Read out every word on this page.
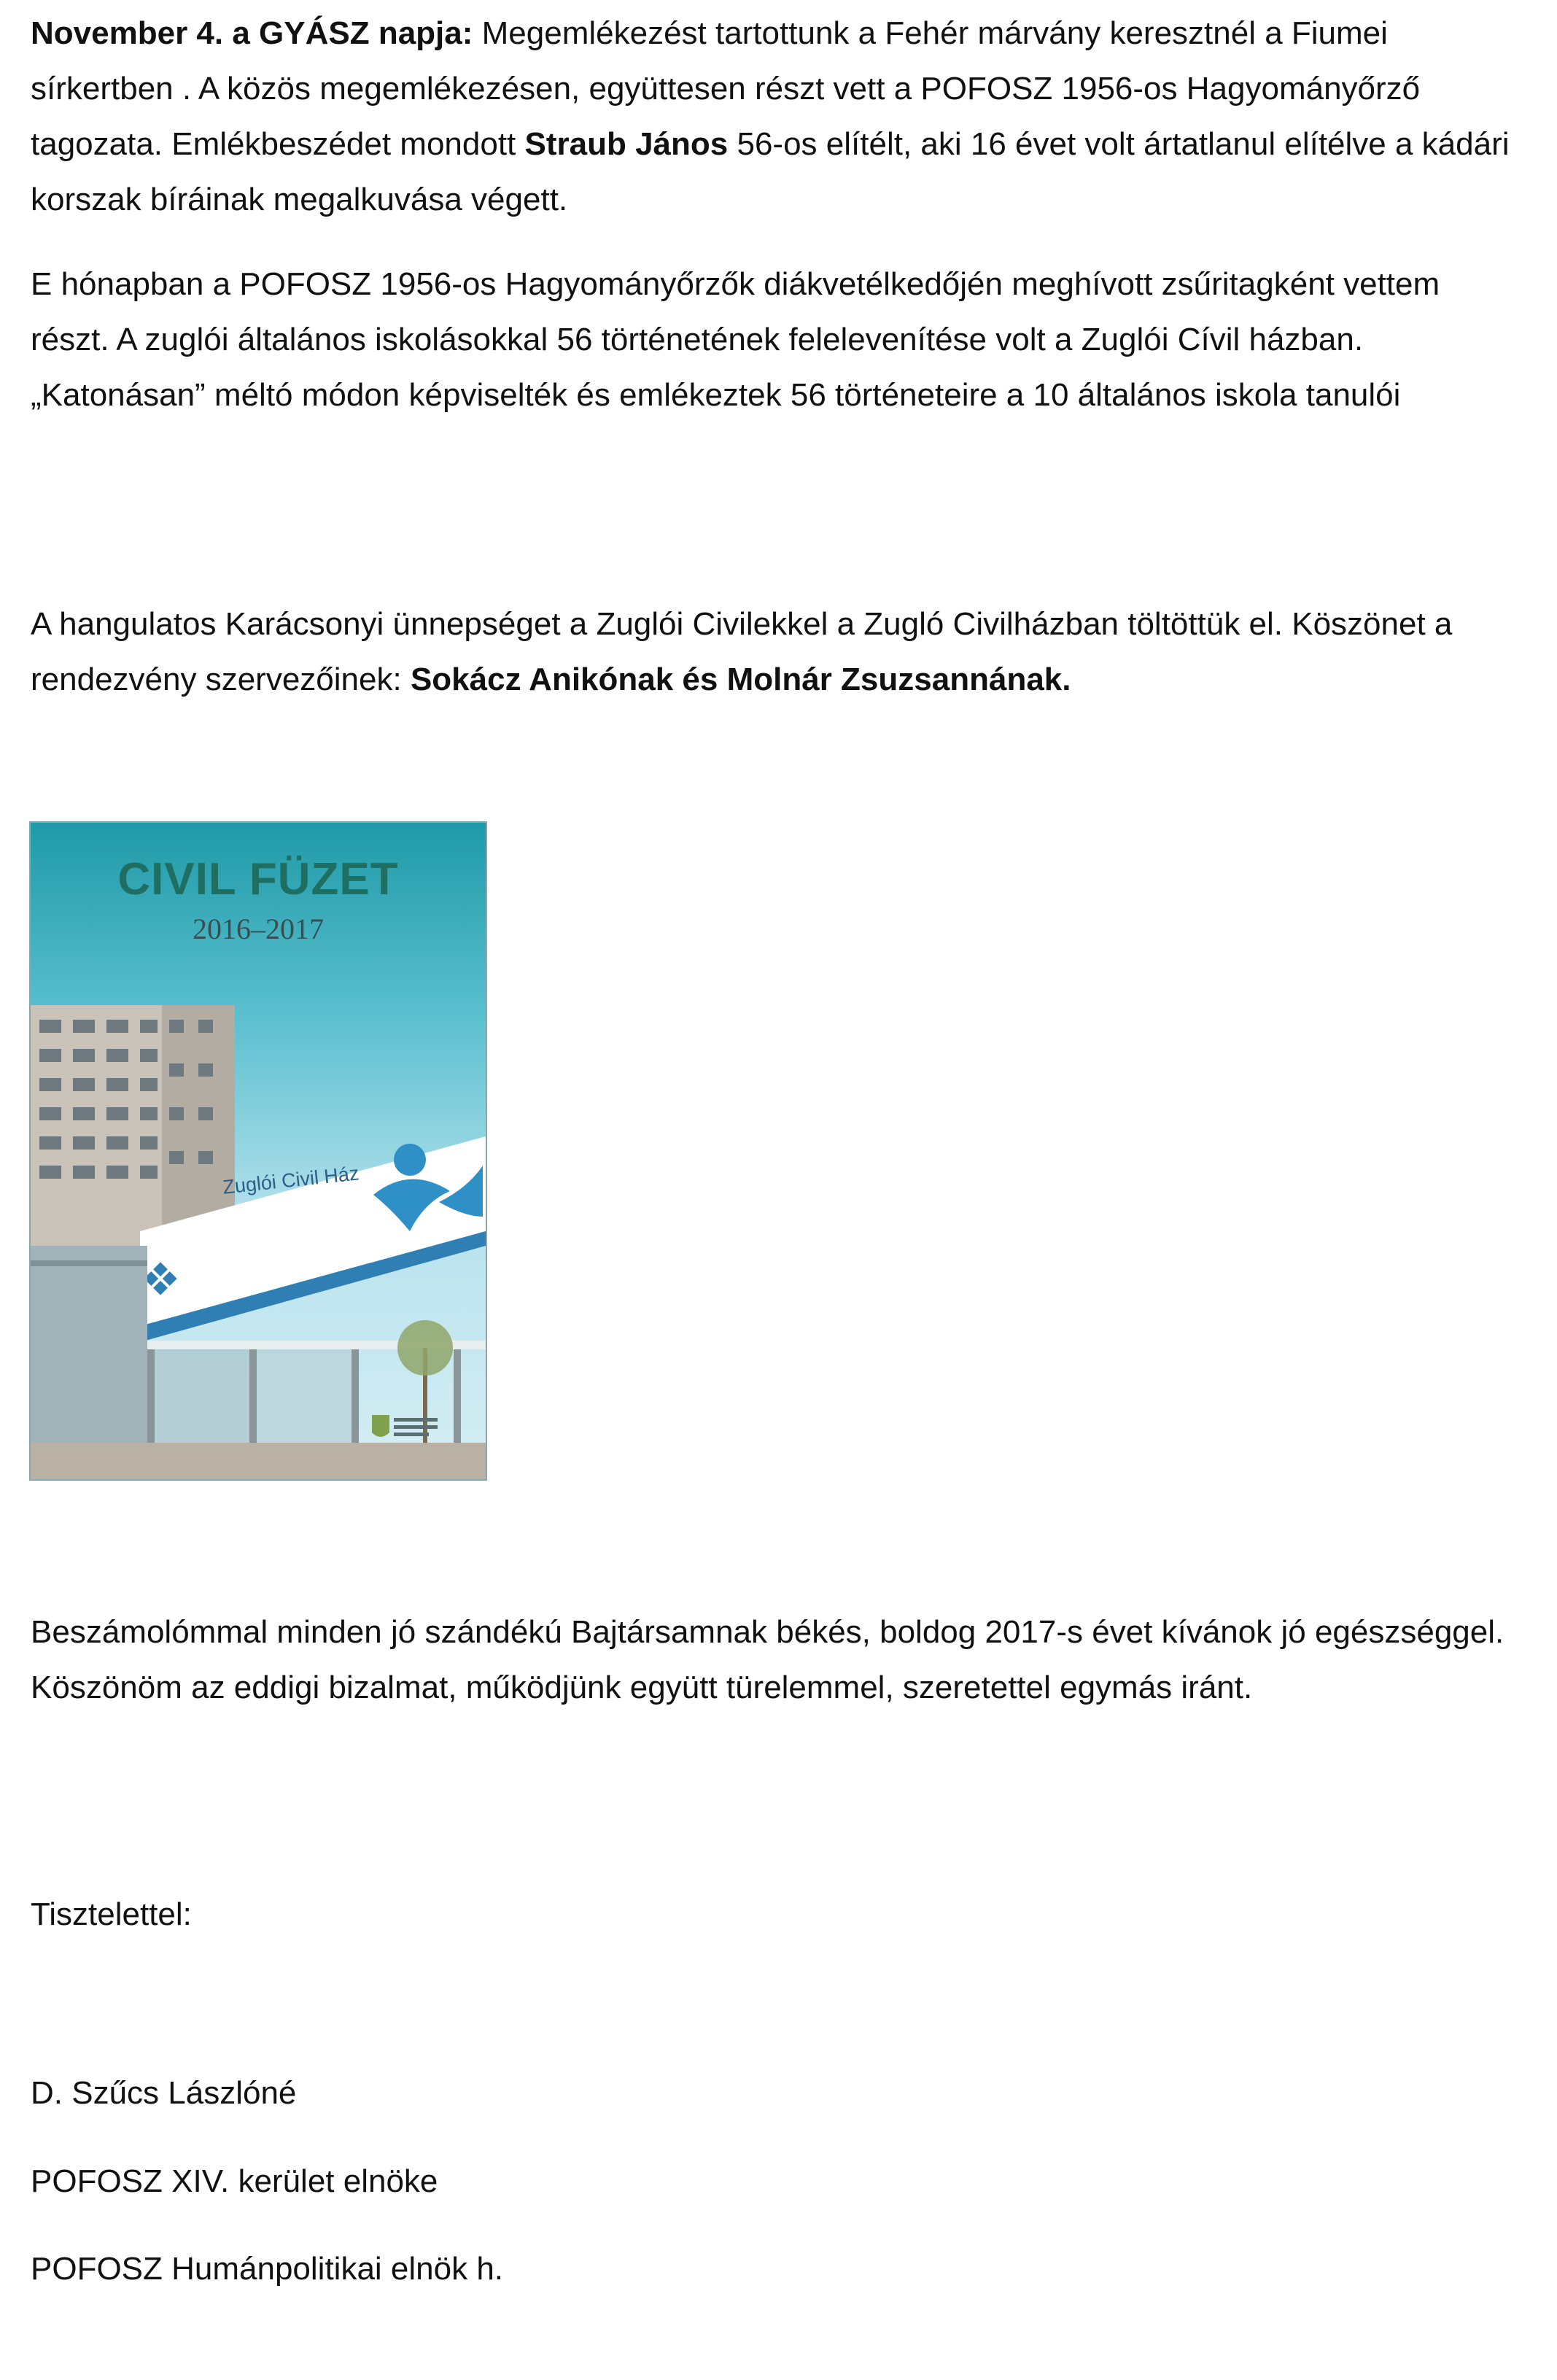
November 4. a GYÁSZ napja: Megemlékezést tartottunk a Fehér márvány keresztnél a Fiumei sírkertben . A közös megemlékezésen, együttesen részt vett a POFOSZ 1956-os Hagyományőrző tagozata. Emlékbeszédet mondott Straub János 56-os elítélt, aki 16 évet volt ártatlanul elítélve a kádári korszak bíráinak megalkuvása végett.

E hónapban a POFOSZ 1956-os Hagyományőrzők diákvetélkedőjén meghívott zsűritagként vettem részt. A zuglói általános iskolásokkal 56 történetének felelevenítése volt a Zuglói Cívil házban. „Katonásan” méltó módon képviselték és emlékeztek 56 történeteire a 10 általános iskola tanulói

A hangulatos Karácsonyi ünnepséget a Zuglói Civilekkel a Zugló Civilházban töltöttük el. Köszönet a rendezvény szervezőinek: Sokácz Anikónak és Molnár Zsuzsannának.

CIVIL FÜZET
2016–2017
Zuglói Civil Ház

Beszámolómmal minden jó szándékú Bajtársamnak békés, boldog 2017-s évet kívánok jó egészséggel. Köszönöm az eddigi bizalmat, működjünk együtt türelemmel, szeretettel egymás iránt.

Tisztelettel:

D. Szűcs Lászlóné

POFOSZ XIV. kerület elnöke

POFOSZ Humánpolitikai elnök h.
